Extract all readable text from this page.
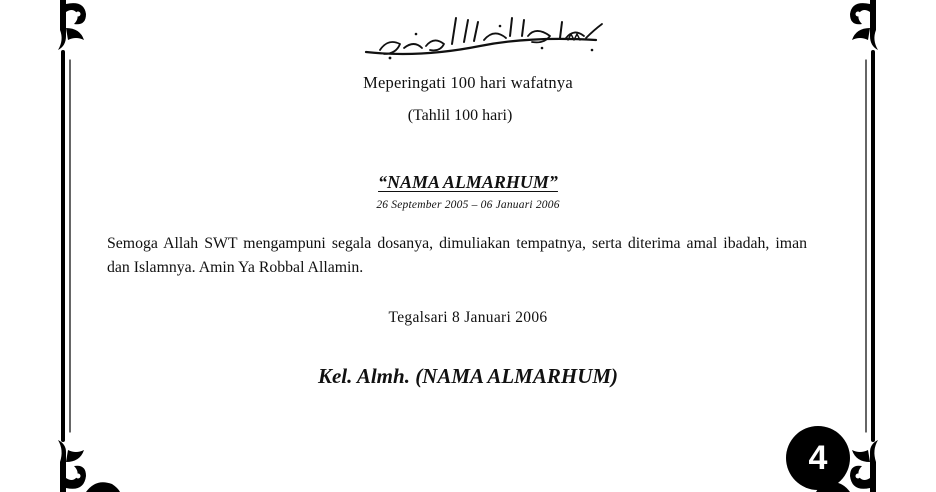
Meperingati 100 hari wafatnya
(Tahlil 100 hari)
“NAMA ALMARHUM”
26 September 2005 – 06 Januari 2006
Semoga Allah SWT mengampuni segala dosanya, dimuliakan tempatnya, serta diterima amal ibadah, iman dan Islamnya. Amin Ya Robbal Allamin.
Tegalsari 8 Januari 2006
Kel. Almh. (NAMA ALMARHUM)
4
